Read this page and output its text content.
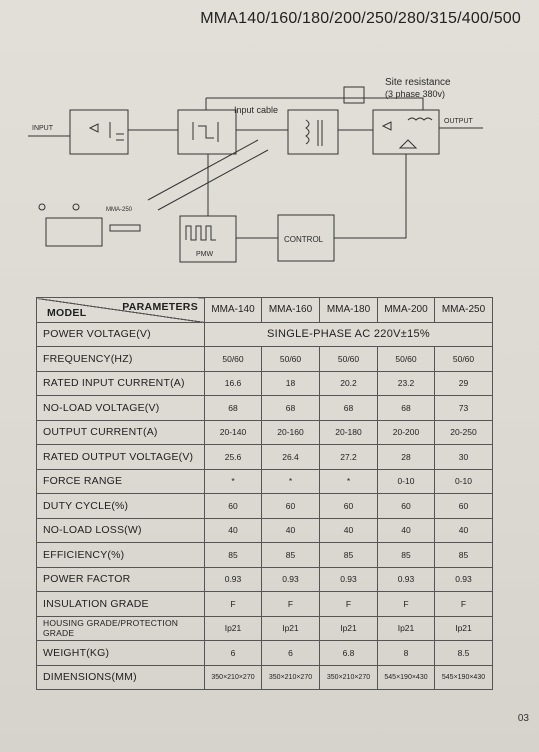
MMA140/160/180/200/250/280/315/400/500
INPUT
Input cable
OUTPUT
Site resistance
(3 phase 380v)
CONTROL
PMW
MMA-250
PARAMETERS
MODEL	MMA-140	MMA-160	MMA-180	MMA-200	MMA-250
POWER VOLTAGE(V)	SINGLE-PHASE AC 220V±15%				
FREQUENCY(HZ)	50/60	50/60	50/60	50/60	50/60
RATED INPUT CURRENT(A)	16.6	18	20.2	23.2	29
NO-LOAD VOLTAGE(V)	68	68	68	68	73
OUTPUT CURRENT(A)	20-140	20-160	20-180	20-200	20-250
RATED OUTPUT VOLTAGE(V)	25.6	26.4	27.2	28	30
FORCE RANGE	*	*	*	0-10	0-10
DUTY CYCLE(%)	60	60	60	60	60
NO-LOAD LOSS(W)	40	40	40	40	40
EFFICIENCY(%)	85	85	85	85	85
POWER FACTOR	0.93	0.93	0.93	0.93	0.93
INSULATION GRADE	F	F	F	F	F
HOUSING GRADE/PROTECTION GRADE	Ip21	Ip21	Ip21	Ip21	Ip21
WEIGHT(KG)	6	6	6.8	8	8.5
DIMENSIONS(MM)	350×210×270	350×210×270	350×210×270	545×190×430	545×190×430
03
